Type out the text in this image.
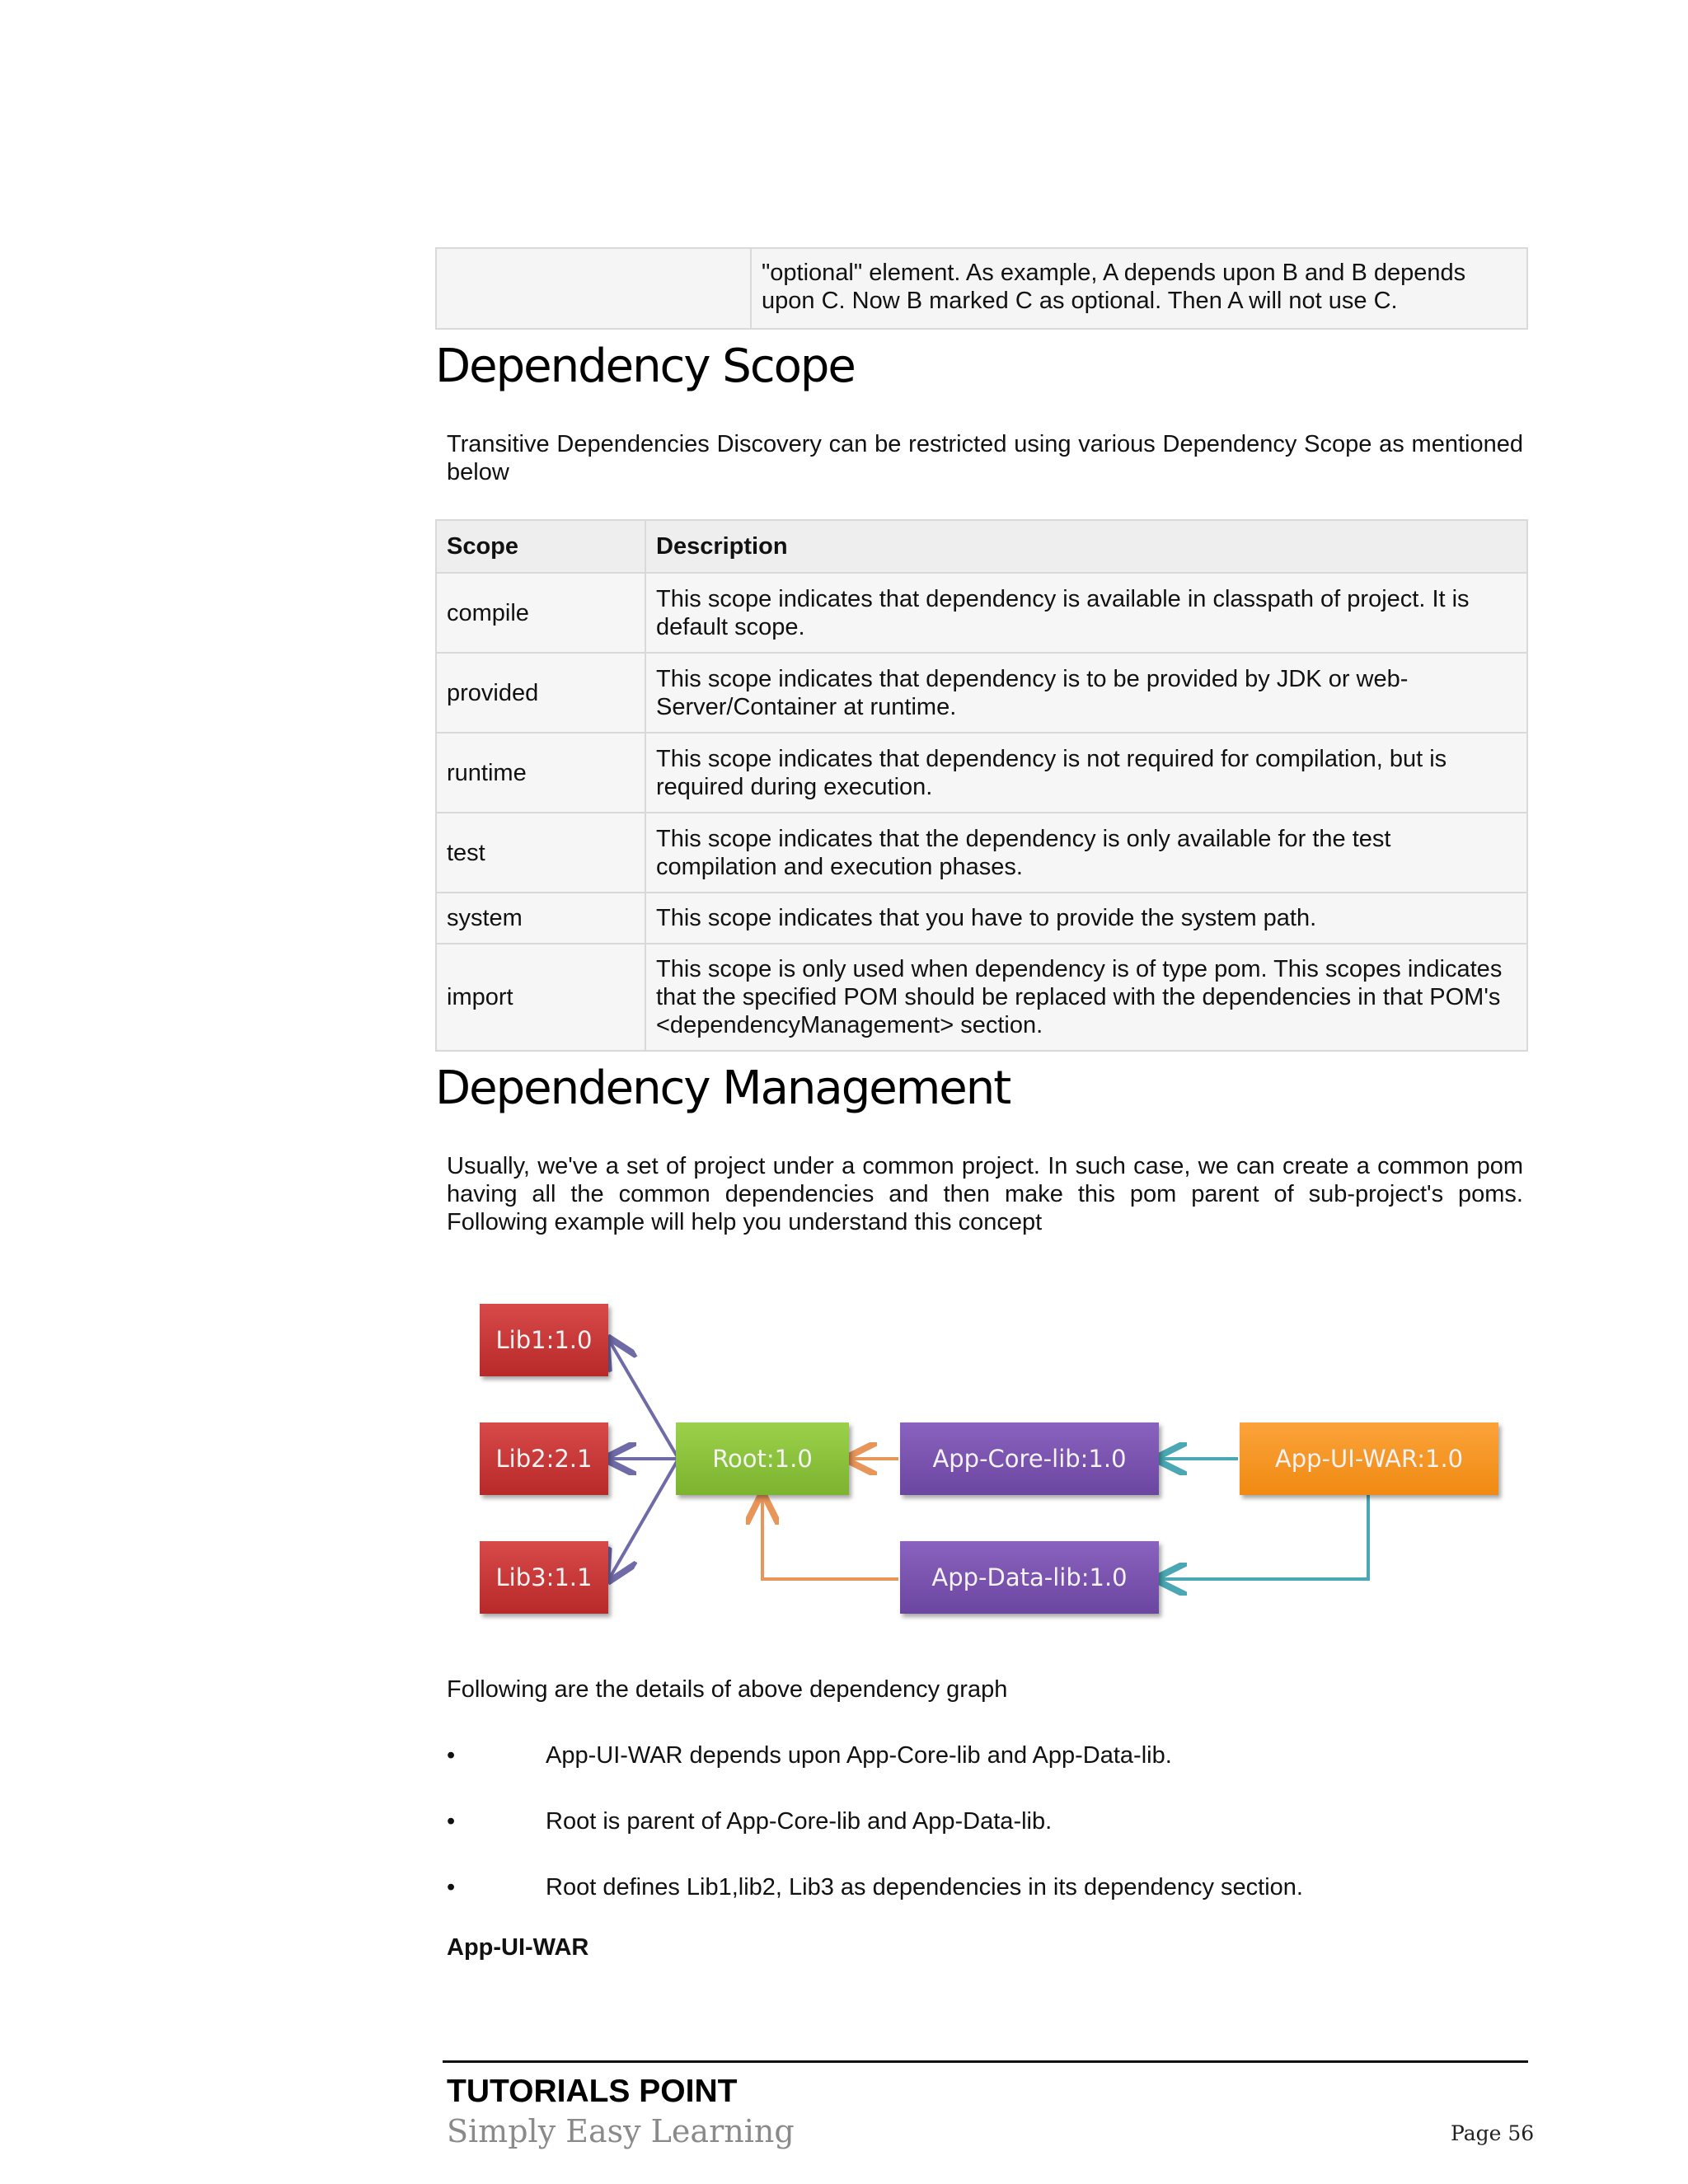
"optional" element. As example, A depends upon B and B depends upon C. Now B marked C as optional. Then A will not use C.
Dependency Scope
Transitive Dependencies Discovery can be restricted using various Dependency Scope as mentioned below
Scope	Description
compile	This scope indicates that dependency is available in classpath of project. It is default scope.
provided	This scope indicates that dependency is to be provided by JDK or web-Server/Container at runtime.
runtime	This scope indicates that dependency is not required for compilation, but is required during execution.
test	This scope indicates that the dependency is only available for the test compilation and execution phases.
system	This scope indicates that you have to provide the system path.
import	This scope is only used when dependency is of type pom. This scopes indicates that the specified POM should be replaced with the dependencies in that POM's <dependencyManagement> section.
Dependency Management
Usually, we've a set of project under a common project. In such case, we can create a common pom having all the common dependencies and then make this pom parent of sub-project's poms. Following example will help you understand this concept
Lib1:1.0
Lib2:2.1
Lib3:1.1
Root:1.0	App-Core-lib:1.0
App-Data-lib:1.0
App-UI-WAR:1.0
Following are the details of above dependency graph
•	App-UI-WAR depends upon App-Core-lib and App-Data-lib.
•	Root is parent of App-Core-lib and App-Data-lib.
•	Root defines Lib1,lib2, Lib3 as dependencies in its dependency section.
App-UI-WAR
TUTORIALS POINT
Simply Easy Learning	Page 56
